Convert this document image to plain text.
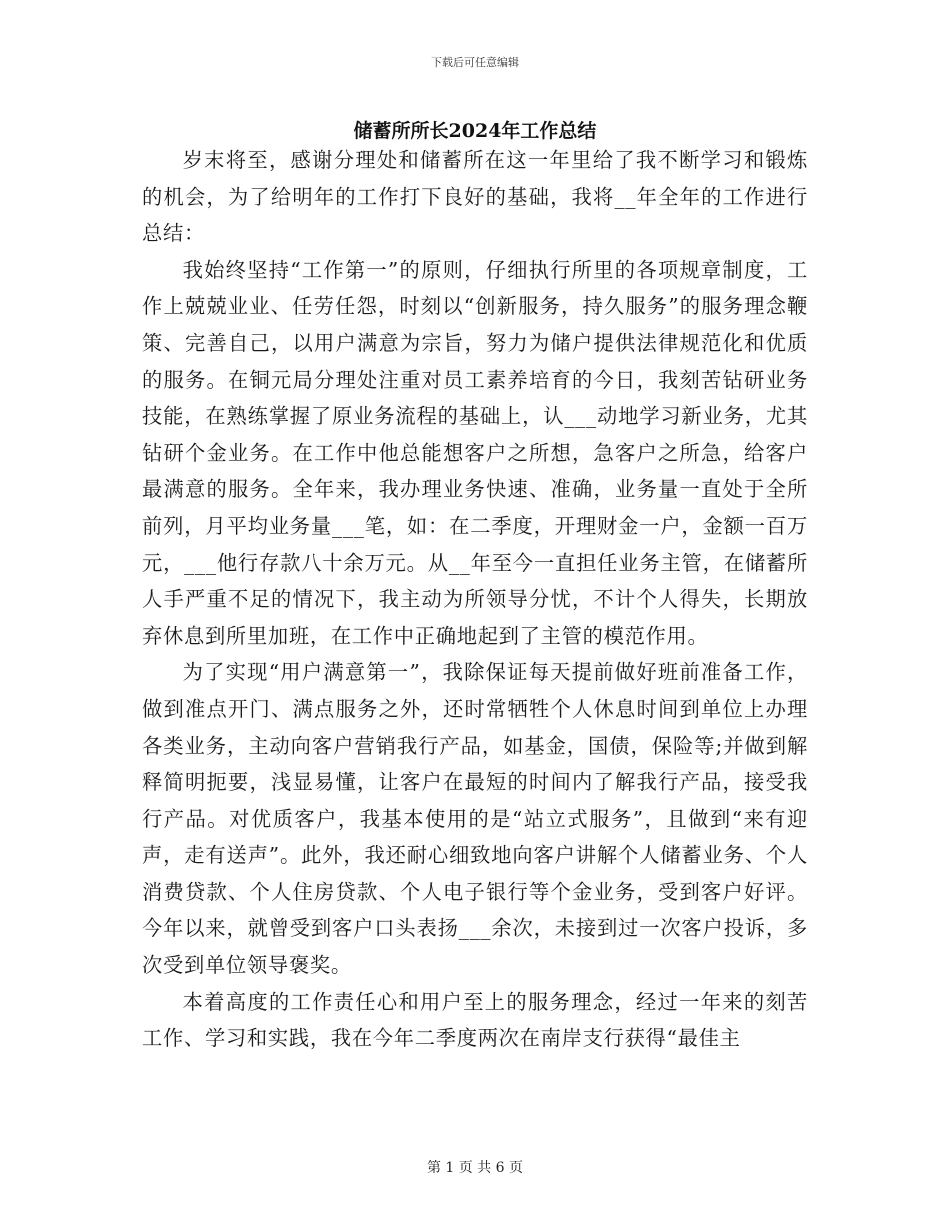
下载后可任意编辑
储蓄所所长2024年工作总结

岁末将至，感谢分理处和储蓄所在这一年里给了我不断学习和锻炼的机会，为了给明年的工作打下良好的基础，我将__年全年的工作进行总结：

我始终坚持“工作第一”的原则，仔细执行所里的各项规章制度，工作上兢兢业业、任劳任怨，时刻以“创新服务，持久服务”的服务理念鞭策、完善自己，以用户满意为宗旨，努力为储户提供法律规范化和优质的服务。在铜元局分理处注重对员工素养培育的今日，我刻苦钻研业务技能，在熟练掌握了原业务流程的基础上，认___动地学习新业务，尤其钻研个金业务。在工作中他总能想客户之所想，急客户之所急，给客户最满意的服务。全年来，我办理业务快速、准确，业务量一直处于全所前列，月平均业务量___笔，如：在二季度，开理财金一户，金额一百万元，___他行存款八十余万元。从__年至今一直担任业务主管，在储蓄所人手严重不足的情况下，我主动为所领导分忧，不计个人得失，长期放弃休息到所里加班，在工作中正确地起到了主管的模范作用。

为了实现“用户满意第一”，我除保证每天提前做好班前准备工作，做到准点开门、满点服务之外，还时常牺牲个人休息时间到单位上办理各类业务，主动向客户营销我行产品，如基金，国债，保险等;并做到解释简明扼要，浅显易懂，让客户在最短的时间内了解我行产品，接受我行产品。对优质客户，我基本使用的是“站立式服务”，且做到“来有迎声，走有送声”。此外，我还耐心细致地向客户讲解个人储蓄业务、个人消费贷款、个人住房贷款、个人电子银行等个金业务，受到客户好评。今年以来，就曾受到客户口头表扬___余次，未接到过一次客户投诉，多次受到单位领导褒奖。

本着高度的工作责任心和用户至上的服务理念，经过一年来的刻苦工作、学习和实践，我在今年二季度两次在南岸支行获得“最佳主

第 1 页 共 6 页
